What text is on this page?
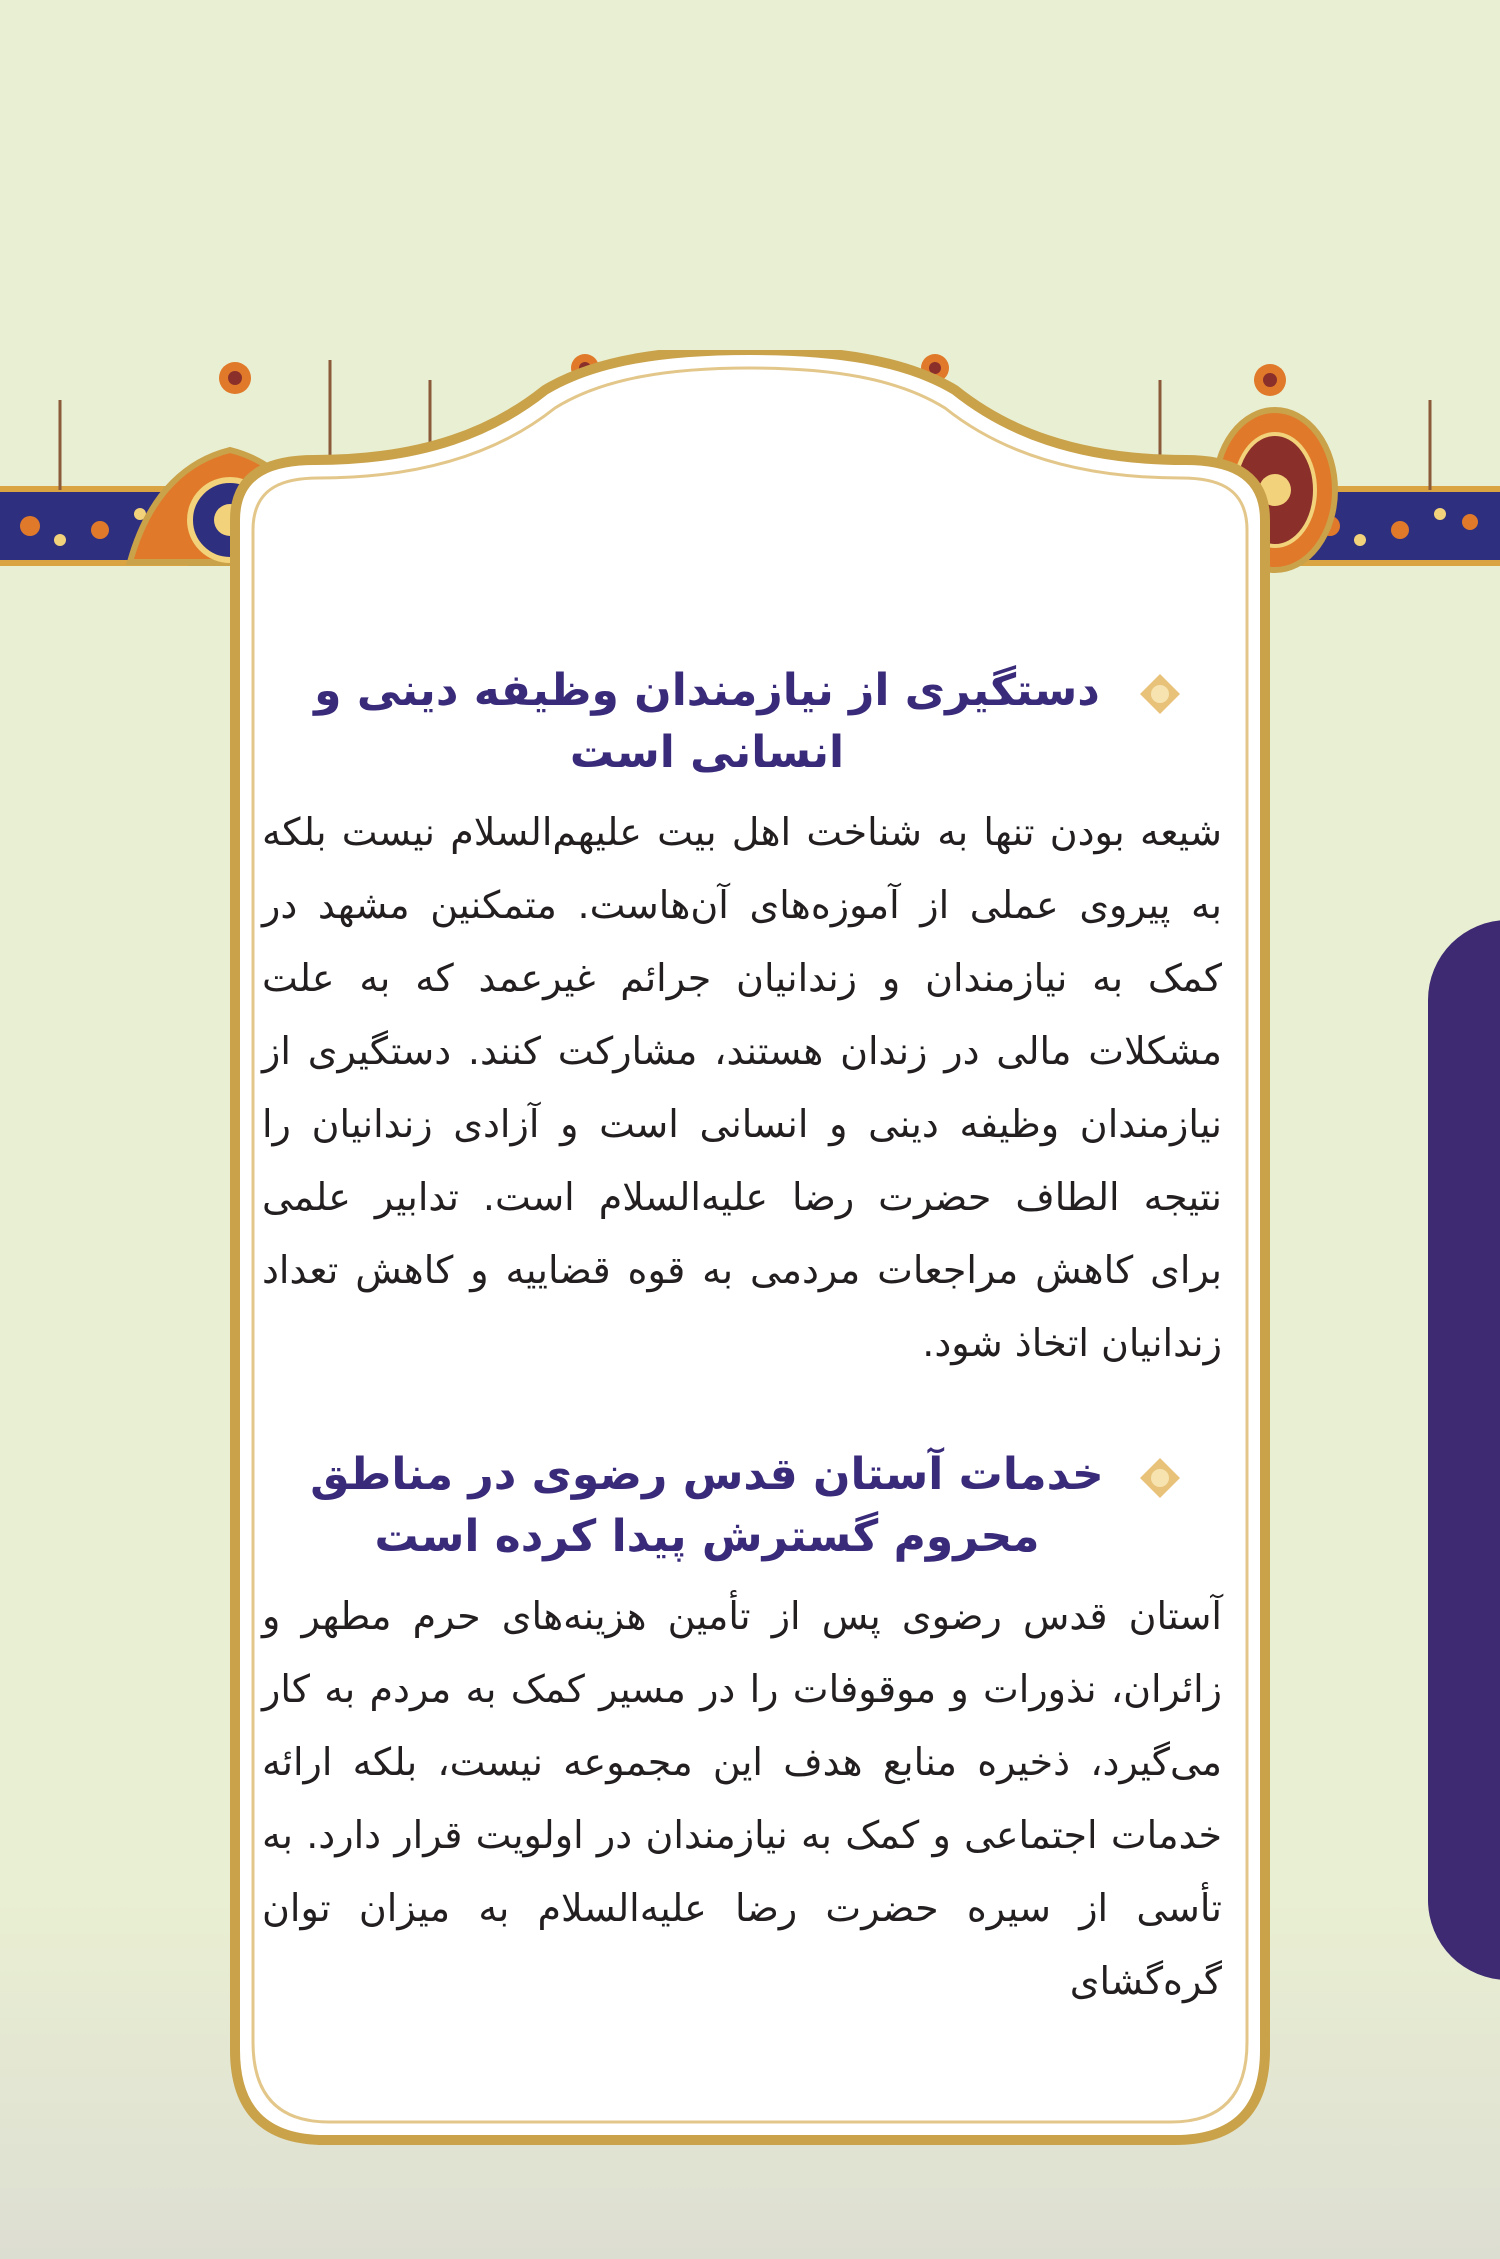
دستگیری از نیازمندان وظیفه دینی و انسانی است

شیعه بودن تنها به شناخت اهل بیت علیهم‌السلام نیست بلکه به پیروی عملی از آموزه‌های آن‌هاست. متمکنین مشهد در کمک به نیازمندان و زندانیان جرائم غیرعمد که به علت مشکلات مالی در زندان هستند، مشارکت کنند. دستگیری از نیازمندان وظیفه دینی و انسانی است و آزادی زندانیان را نتیجه الطاف حضرت رضا علیه‌السلام است. تدابیر علمی برای کاهش مراجعات مردمی به قوه قضاییه و کاهش تعداد زندانیان اتخاذ شود.

خدمات آستان قدس رضوی در مناطق محروم گسترش پیدا کرده است

آستان قدس رضوی پس از تأمین هزینه‌های حرم مطهر و زائران، نذورات و موقوفات را در مسیر کمک به مردم به کار می‌گیرد، ذخیره منابع هدف این مجموعه نیست، بلکه ارائه خدمات اجتماعی و کمک به نیازمندان در اولویت قرار دارد. به تأسی از سیره حضرت رضا علیه‌السلام به میزان توان گره‌گشای
